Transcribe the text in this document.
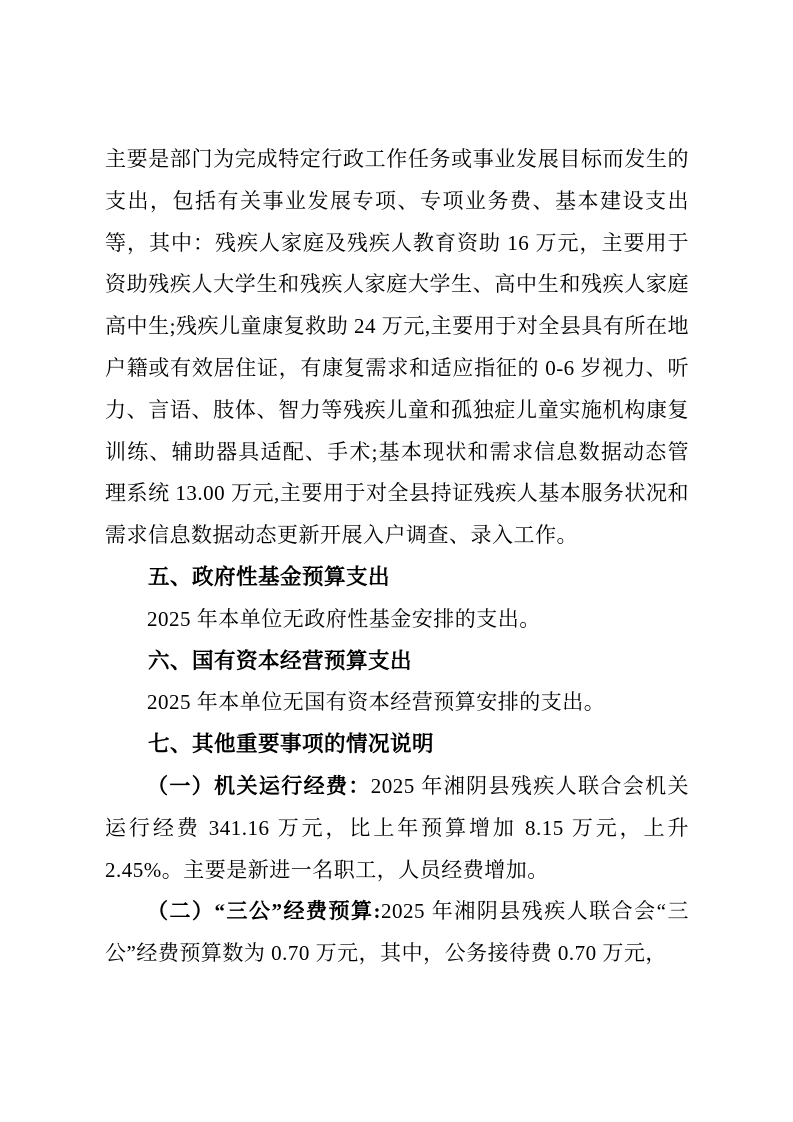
主要是部门为完成特定行政工作任务或事业发展目标而发生的支出，包括有关事业发展专项、专项业务费、基本建设支出等，其中：残疾人家庭及残疾人教育资助 16 万元，主要用于资助残疾人大学生和残疾人家庭大学生、高中生和残疾人家庭高中生;残疾儿童康复救助 24 万元,主要用于对全县具有所在地户籍或有效居住证，有康复需求和适应指征的 0-6 岁视力、听力、言语、肢体、智力等残疾儿童和孤独症儿童实施机构康复训练、辅助器具适配、手术;基本现状和需求信息数据动态管理系统 13.00 万元,主要用于对全县持证残疾人基本服务状况和需求信息数据动态更新开展入户调查、录入工作。

五、政府性基金预算支出

2025 年本单位无政府性基金安排的支出。

六、国有资本经营预算支出

2025 年本单位无国有资本经营预算安排的支出。

七、其他重要事项的情况说明

（一）机关运行经费：2025 年湘阴县残疾人联合会机关运行经费 341.16 万元，比上年预算增加 8.15 万元，上升 2.45%。主要是新进一名职工，人员经费增加。

（二）“三公”经费预算:2025 年湘阴县残疾人联合会“三公”经费预算数为 0.70 万元，其中，公务接待费 0.70 万元，
